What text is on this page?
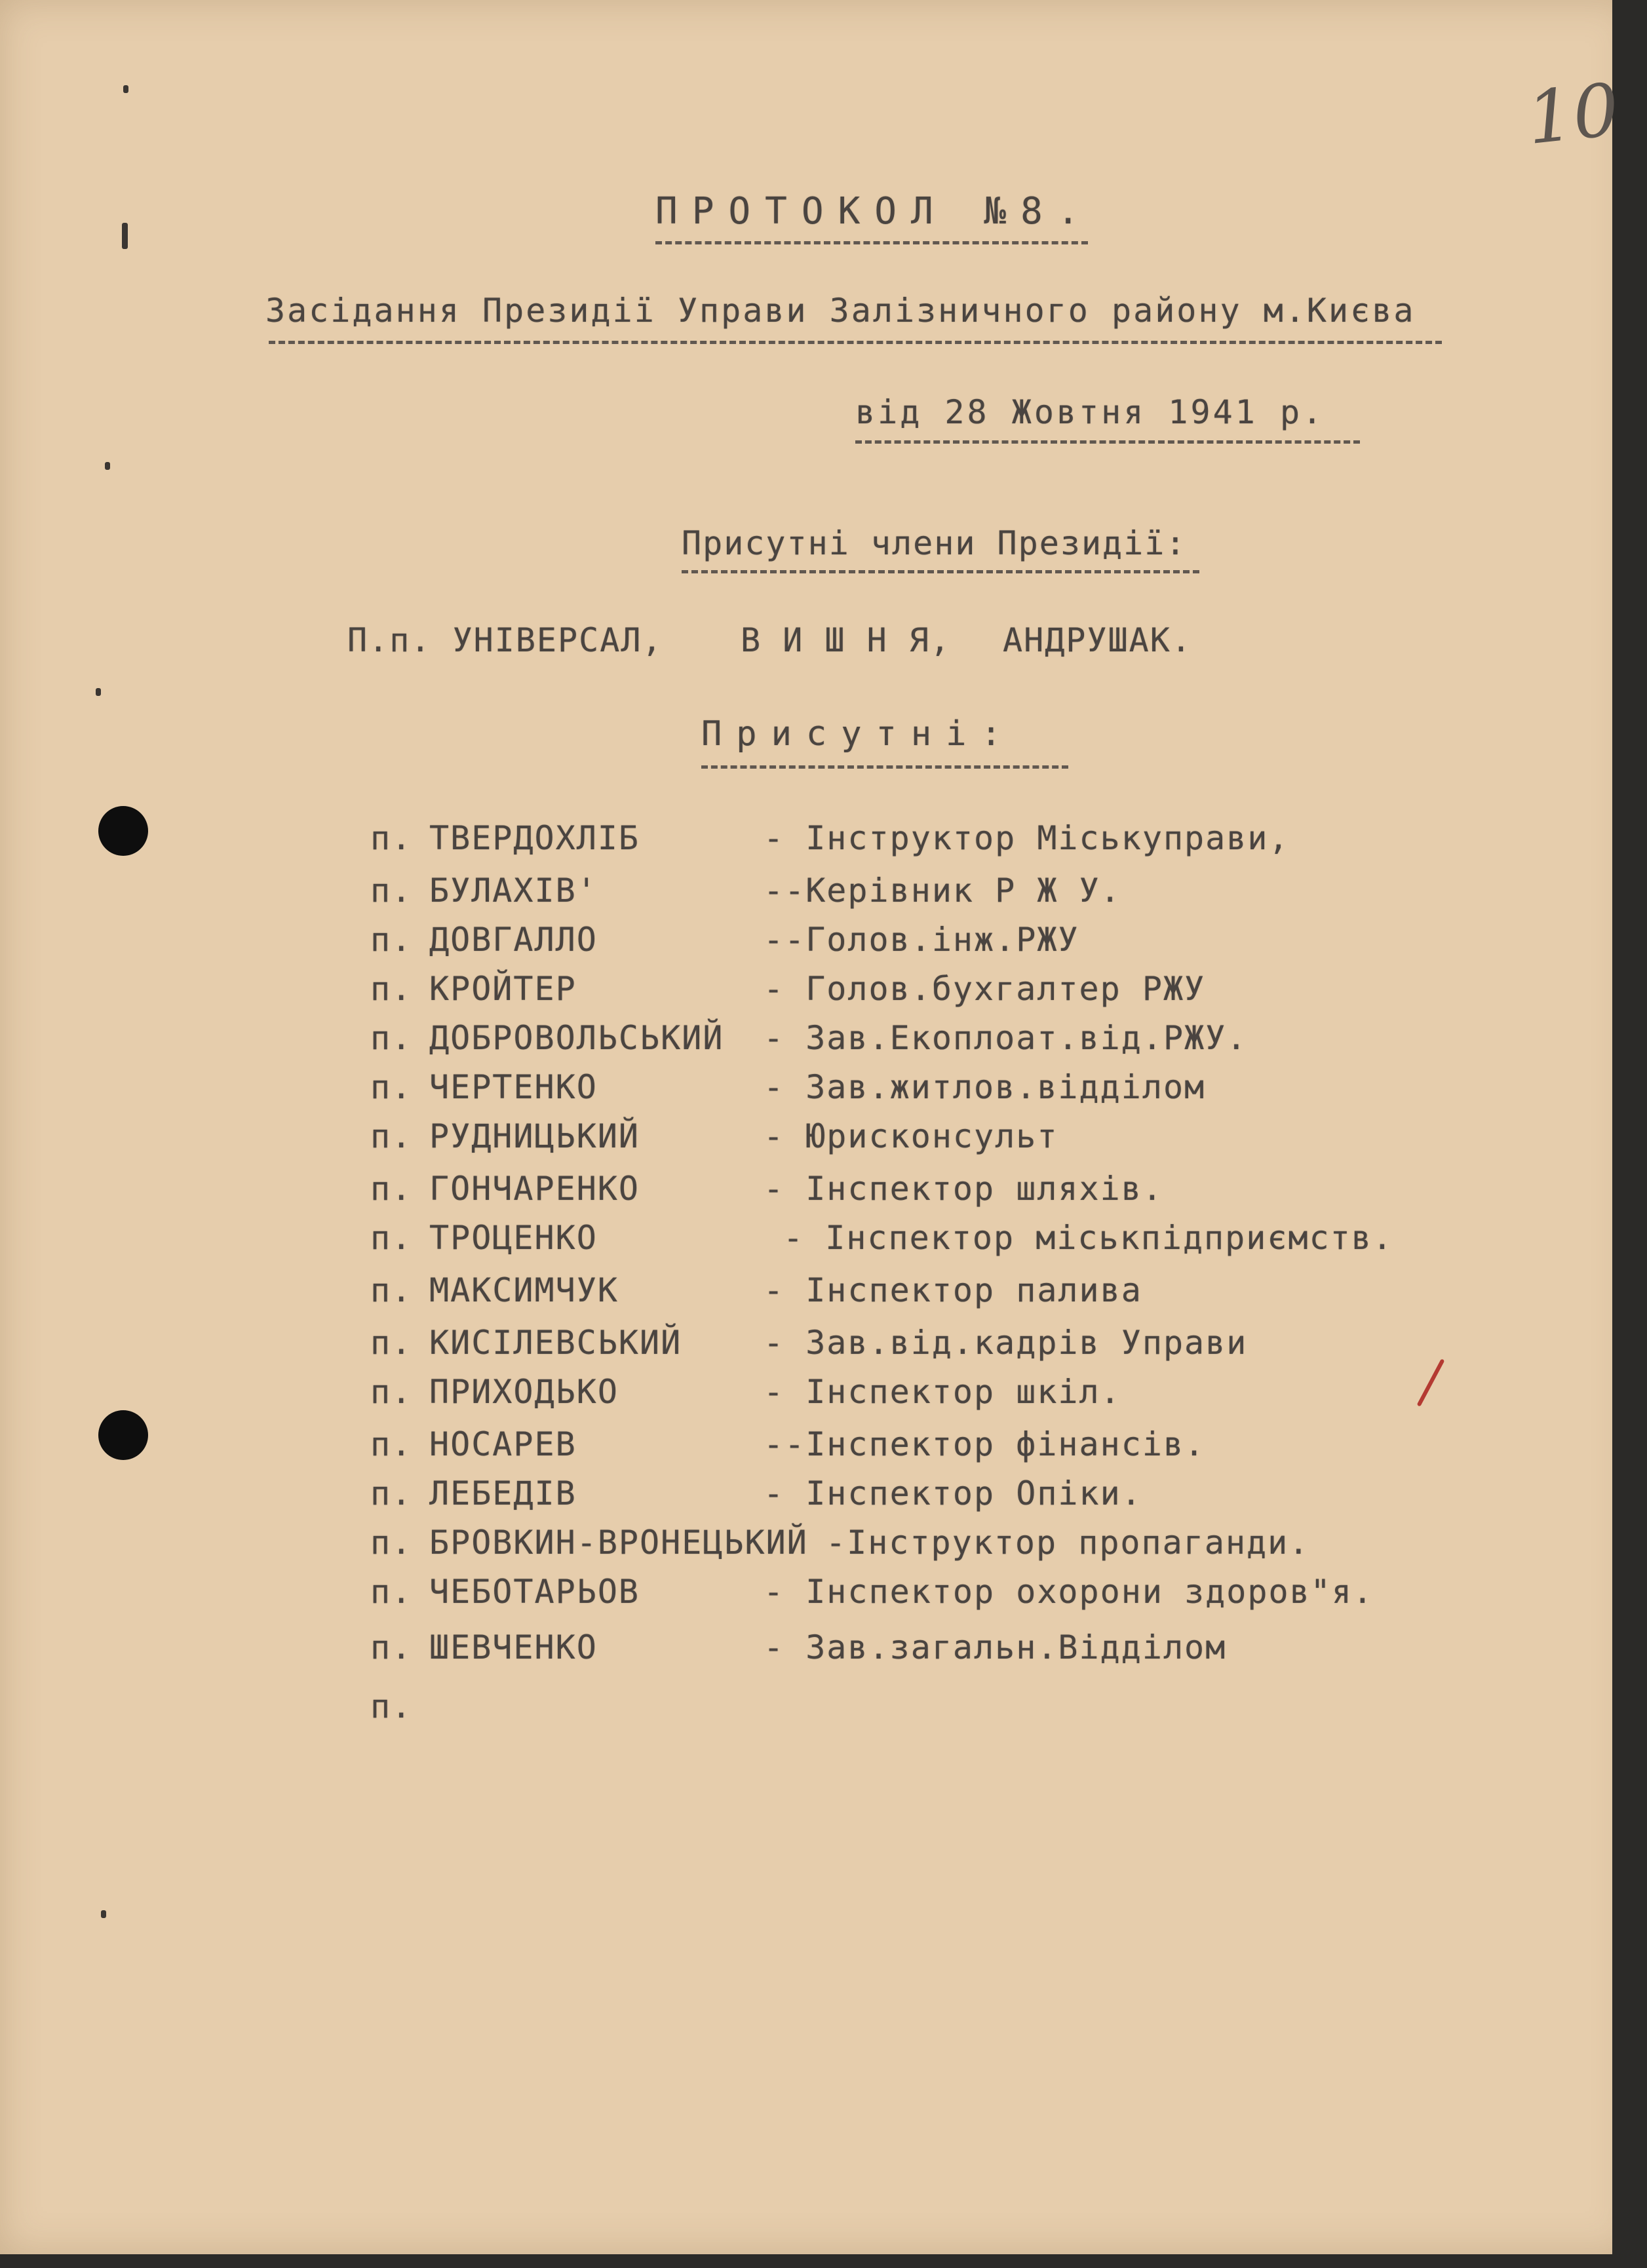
10
ПРОТОКОЛ №8.
Засідання Президії Управи Залізничного району м.Києва
від 28 Жовтня 1941 р.
Присутні члени Президії:
П.п. УНІВЕРСАЛ, В И Ш Н Я, АНДРУШАК.
Присутні:
п. ТВЕРДОХЛІБ	- Інструктор Міськуправи,
п. БУЛАХІВ'	--Керівник Р Ж У.
п. ДОВГАЛЛО	--Голов.інж.РЖУ
п. КРОЙТЕР	- Голов.бухгалтер РЖУ
п. ДОБРОВОЛЬСЬКИЙ - Зав.Екоплоат.від.РЖУ.
п. ЧЕРТЕНКО	- Зав.житлов.відділом
п. РУДНИЦЬКИЙ	- Юрисконсульт
п. ГОНЧАРЕНКО	- Інспектор шляхів.
п. ТРОЦЕНКО	- Інспектор міськпідприємств.
п. МАКСИМЧУК	- Інспектор палива
п. КИСІЛЕВСЬКИЙ - Зав.від.кадрів Управи
п. ПРИХОДЬКО	- Інспектор шкіл.
п. НОСАРЕВ	--Інспектор фінансів.
п. ЛЕБЕДІВ	- Інспектор Опіки.
п. БРОВКИН-ВРОНЕЦЬКИЙ -Інструктор пропаганди.
п. ЧЕБОТАРЬОВ	- Інспектор охорони здоров"я.
п. ШЕВЧЕНКО	- Зав.загальн.Відділом
п.
